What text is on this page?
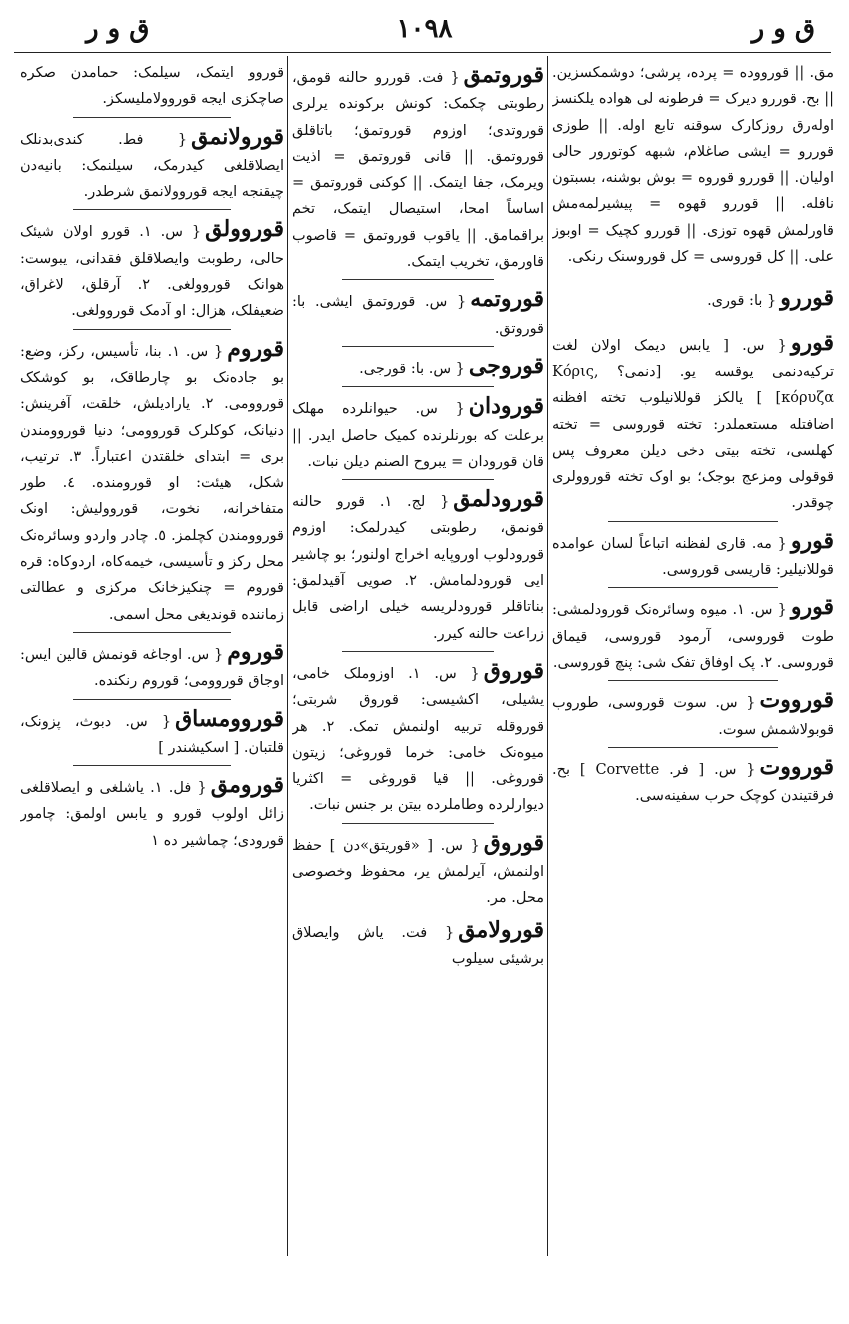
ق و ر
١٠٩٨
ق و ر
مق. || قورووده = پرده، پرشى؛ دوشمکسزين. || بح. قوررو ديرک = فرطونه لى هواده يلکنسز اوله‌رق روزکارک سوقنه تابع اوله. || طوزى قوررو = ايشى صاغلام، شبهه کوتورور حالى اوليان. || قوررو قوروه = بوش بوشنه، بسبتون نافله. || قوررو قهوه = پيشيرلمه‌مش قاورلمش قهوه توزى. || قوررو کچيک = اوبوز على. || کل قوروسى = کل قوروسنک رنکى.
قوررو{ با: قورى.
قورو{ س. [ يابس ديمک اولان لغت ترکيه‌دنمى يوقسه يو. [دنمى؟ Κόρις, κόρυζα] ] يالکز قوللانيلوب تخته افظنه اضافتله مستعملدر: تخته قوروسى = تخته کهلسى، تخته بيتى دخى ديلن معروف پس قوقولى ومزعج بوجک؛ بو اوک تخته قوروولرى چوقدر.
قورو{ مه. قارى لفظنه اتباعاً لسان عوامده قوللانيلير: قاريسى قوروسى.
قورو{ س. ١. ميوه وسائره‌نک قورودلمشى: طوت قوروسى، آرمود قوروسى، قيماق قوروسى. ٢. پک اوفاق تفک شى: پنچ قوروسى.
قورووت{ س. سوت قوروسى، طوروب قوبولاشمش سوت.
قورووت{ س. [ فر. Corvette ] بح. فرقتيندن کوچک حرب سفينه‌سى.
قوروتمق{ فت. قوررو حالنه قومق، رطوبتى چکمک: کونش برکونده يرلرى قوروتدى؛ اوزوم قوروتمق؛ باتاقلق قوروتمق. || قانى قوروتمق = اذيت ويرمک، جفا ايتمک. || کوکنى قوروتمق = اساساً امحا، استيصال ايتمک، تخم براقمامق. || ياقوب قوروتمق = قاصوب قاورمق، تخريب ايتمک.
قوروتمه{ س. قوروتمق ايشى. با: قوروتق.
قوروجى{ س. با: قورجى.
قورودان{ س. حيوانلرده مهلک برعلت که بورنلرنده کميک حاصل ايدر. || قان قورودان = يبروح الصنم ديلن نبات.
قورودلمق{ لج. ١. قورو حالنه قونمق، رطوبتى کيدرلمک: اوزوم قورودلوب اوروپايه اخراج اولنور؛ بو چاشير ايى قورودلمامش. ٢. صويى آقيدلمق: بناتاقلر قورودلريسه خيلى اراضى قابل زراعت حالنه کيرر.
قوروق{ س. ١. اوزوملک خامى، يشيلى، اکشيسى: قوروق شربتى؛ قوروقله تربيه اولنمش تمک. ٢. هر ميوه‌نک خامى: خرما قوروغى؛ زيتون قوروغى. || قيا قوروغى = اکثريا ديوارلرده وطاملرده بيتن بر جنس نبات.
قوروق{ س. [ «قوريتق»دن ] حفظ اولنمش، آيرلمش ير، محفوظ وخصوصى محل. مر.
قورولامق{ فت. ياش وايصلاق برشيئى سيلوب
قوروو ايتمک، سيلمک: حمامدن صکره صاچکزى ايجه قوروولامليسکز.
قورولانمق{ فط. کندى‌بدنلک ايصلاقلغى کيدرمک، سيلنمک: بانيه‌دن چيقنجه ايجه قوروولانمق شرطدر.
قوروولق{ س. ١. قورو اولان شيئک حالى، رطوبت وايصلاقلق فقدانى، يبوست: هوانک قوروولغى. ٢. آرقلق، لاغراق، ضعيفلک، هزال: او آدمک قوروولغى.
قوروم{ س. ١. بنا، تأسيس، رکز، وضع: بو جاده‌نک بو چارطاقک، بو کوشکک قوروومى. ٢. ياراديلش، خلقت، آفرينش: دنيانک، کوکلرک قوروومى؛ دنيا قوروومندن برى = ابتداى خلقتدن اعتباراً. ٣. ترتيب، شکل، هيئت: او قورومنده. ٤. طور متفاخرانه، نخوت، قورووليش: اونک قوروومندن کچلمز. ٥. چادر واردو وسائره‌نک محل رکز و تأسيسى، خيمه‌کاه، اردوکاه: قره قوروم = چنکيزخانک مرکزى و عطالتى زماننده قونديغى محل اسمى.
قوروم{ س. اوجاغه قونمش قالين ايس: اوجاق قوروومى؛ قوروم رنکنده.
قوروومساق{ س. دبوث، پزونک، قلتبان. [ اسکيشندر ]
قورومق{ فل. ١. ياشلغى و ايصلاقلغى زائل اولوب قورو و يابس اولمق: چامور قورودى؛ چماشير ده ١
